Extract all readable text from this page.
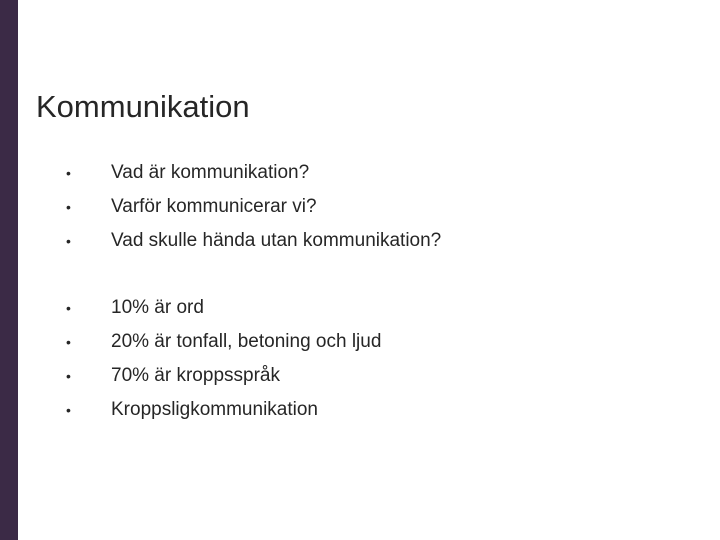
Kommunikation
•	Vad är kommunikation?
•	Varför kommunicerar vi?
•	Vad skulle hända utan kommunikation?
•	10% är ord
•	20% är tonfall, betoning och ljud
•	70% är kroppsspråk
•	Kroppsligkommunikation
